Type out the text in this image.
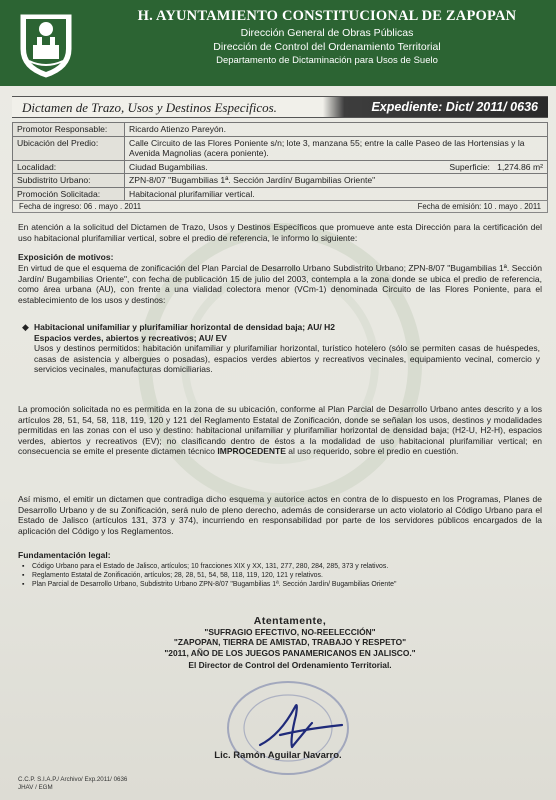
H. AYUNTAMIENTO CONSTITUCIONAL DE ZAPOPAN
Dirección General de Obras Públicas
Dirección de Control del Ordenamiento Territorial
Departamento de Dictaminación para Usos de Suelo
Dictamen de Trazo, Usos y Destinos Especificos.	Expediente: Dict/ 2011/ 0636
Promotor Responsable:	Ricardo Atienzo Pareyón.
Ubicación del Predio:	Calle Circuito de las Flores Poniente s/n; lote 3, manzana 55; entre la calle Paseo de las Hortensias y la Avenida Magnolias (acera poniente).
Localidad:	Ciudad Bugambilias. Superficie: 1,274.86 m²

Subdistrito Urbano:	ZPN-8/07 "Bugambilias 1ª. Sección Jardín/ Bugambilias Oriente"
Promoción Solicitada:	Habitacional plurifamiliar vertical.
Fecha de ingreso: 06 . mayo . 2011	Fecha de emisión: 10 . mayo . 2011
En atención a la solicitud del Dictamen de Trazo, Usos y Destinos Específicos que promueve ante esta Dirección para la certificación del uso habitacional plurifamiliar vertical, sobre el predio de referencia, le informo lo siguiente:
Exposición de motivos:
En virtud de que el esquema de zonificación del Plan Parcial de Desarrollo Urbano Subdistrito Urbano; ZPN-8/07 "Bugambilias 1ª. Sección Jardín/ Bugambilias Oriente", con fecha de publicación 15 de julio del 2003, contempla a la zona donde se ubica el predio de referencia, como área urbana (AU), con frente a una vialidad colectora menor (VCm-1) denominada Circuito de las Flores Poniente, para el establecimiento de los usos y destinos:
◆ Habitacional unifamiliar y plurifamiliar horizontal de densidad baja; AU/ H2
Espacios verdes, abiertos y recreativos; AU/ EV
Usos y destinos permitidos: habitación unifamiliar y plurifamiliar horizontal, turístico hotelero (sólo se permiten casas de huéspedes, casas de asistencia y albergues o posadas), espacios verdes abiertos y recreativos vecinales, equipamiento vecinal, comercio y servicios vecinales, manufacturas domiciliarias.
La promoción solicitada no es permitida en la zona de su ubicación, conforme al Plan Parcial de Desarrollo Urbano antes descrito y a los artículos 28, 51, 54, 58, 118, 119, 120 y 121 del Reglamento Estatal de Zonificación, donde se señalan los usos, destinos y modalidades permitidas en las zonas con el uso y destino: habitacional unifamiliar y plurifamiliar horizontal de densidad baja; (H2-U, H2-H), espacios verdes, abiertos y recreativos (EV); no clasificando dentro de éstos a la modalidad de uso habitacional plurifamiliar vertical; en consecuencia se emite el presente dictamen técnico IMPROCEDENTE al uso requerido, sobre el predio en cuestión.
Así mismo, el emitir un dictamen que contradiga dicho esquema y autorice actos en contra de lo dispuesto en los Programas, Planes de Desarrollo Urbano y de su Zonificación, será nulo de pleno derecho, además de considerarse un acto violatorio al Código Urbano para el Estado de Jalisco (artículos 131, 373 y 374), incurriendo en responsabilidad por parte de los servidores públicos encargados de la aplicación del Código y los Reglamentos.
Fundamentación legal:
▪ Código Urbano para el Estado de Jalisco, artículos; 10 fracciones XIX y XX, 131, 277, 280, 284, 285, 373 y relativos.
▪ Reglamento Estatal de Zonificación, artículos; 28, 28, 51, 54, 58, 118, 119, 120, 121 y relativos.
▪ Plan Parcial de Desarrollo Urbano, Subdistrito Urbano ZPN-8/07 "Bugambilias 1ª. Sección Jardín/ Bugambilias Oriente"
Atentamente,
"SUFRAGIO EFECTIVO, NO-REELECCIÓN"
"ZAPOPAN, TIERRA DE AMISTAD, TRABAJO Y RESPETO"
"2011, AÑO DE LOS JUEGOS PANAMERICANOS EN JALISCO."
El Director de Control del Ordenamiento Territorial.
Lic. Ramón Aguilar Navarro.
C.C.P. S.I.A.P./ Archivo/ Exp.2011/ 0636
JHAV / EGM
